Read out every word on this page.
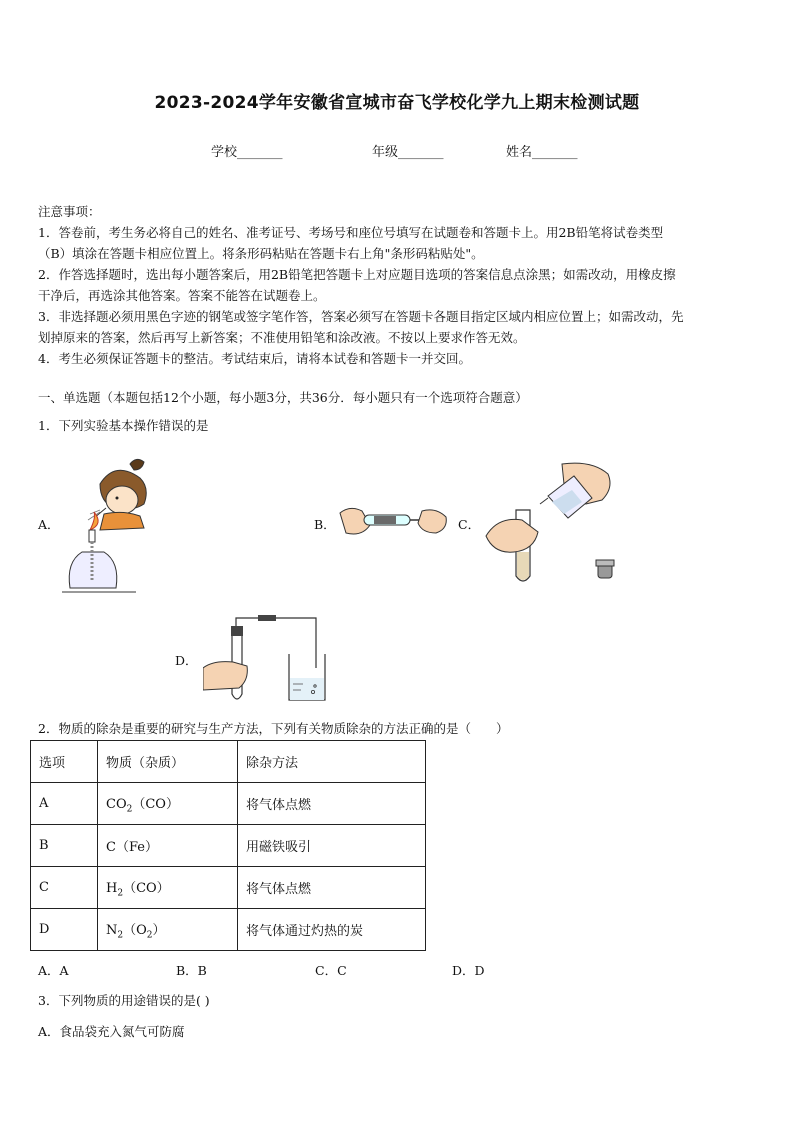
2023-2024学年安徽省宣城市奋飞学校化学九上期末检测试题
学校_______	年级_______	姓名_______
注意事项：
1．答卷前，考生务必将自己的姓名、准考证号、考场号和座位号填写在试题卷和答题卡上。用2B铅笔将试卷类型
（B）填涂在答题卡相应位置上。将条形码粘贴在答题卡右上角"条形码粘贴处"。
2．作答选择题时，选出每小题答案后，用2B铅笔把答题卡上对应题目选项的答案信息点涂黑；如需改动，用橡皮擦
干净后，再选涂其他答案。答案不能答在试题卷上。
3．非选择题必须用黑色字迹的钢笔或签字笔作答，答案必须写在答题卡各题目指定区域内相应位置上；如需改动，先
划掉原来的答案，然后再写上新答案；不准使用铅笔和涂改液。不按以上要求作答无效。
4．考生必须保证答题卡的整洁。考试结束后，请将本试卷和答题卡一并交回。
一、单选题（本题包括12个小题，每小题3分，共36分．每小题只有一个选项符合题意）
1．下列实验基本操作错误的是
A．	B．	C．
D．
2．物质的除杂是重要的研究与生产方法，下列有关物质除杂的方法正确的是（　　）
选项	物质（杂质）	除杂方法
A	$CO_2(CO)$	将气体点燃
B	C（Fe）	用磁铁吸引
C	$H_2(CO)$	将气体点燃
D	$N_2(O_2)$	将气体通过灼热的炭
A．A	B．B	C．C	D．D
3．下列物质的用途错误的是( )
A．食品袋充入氮气可防腐
